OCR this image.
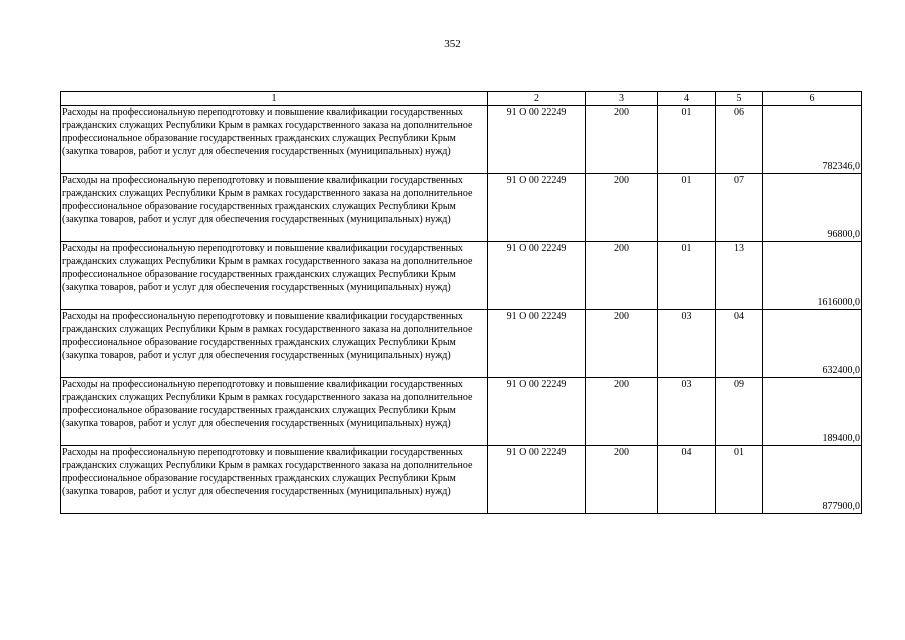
352
1	2	3	4	5	6
Расходы на профессиональную переподготовку и повышение квалификации государственных гражданских служащих Республики Крым в рамках государственного заказа на дополнительное профессиональное образование государственных гражданских служащих Республики Крым (закупка товаров, работ и услуг для обеспечения государственных (муниципальных) нужд)	91 О 00 22249	200	01	06	782346,0
Расходы на профессиональную переподготовку и повышение квалификации государственных гражданских служащих Республики Крым в рамках государственного заказа на дополнительное профессиональное образование государственных гражданских служащих Республики Крым (закупка товаров, работ и услуг для обеспечения государственных (муниципальных) нужд)	91 О 00 22249	200	01	07	96800,0
Расходы на профессиональную переподготовку и повышение квалификации государственных гражданских служащих Республики Крым в рамках государственного заказа на дополнительное профессиональное образование государственных гражданских служащих Республики Крым (закупка товаров, работ и услуг для обеспечения государственных (муниципальных) нужд)	91 О 00 22249	200	01	13	1616000,0
Расходы на профессиональную переподготовку и повышение квалификации государственных гражданских служащих Республики Крым в рамках государственного заказа на дополнительное профессиональное образование государственных гражданских служащих Республики Крым (закупка товаров, работ и услуг для обеспечения государственных (муниципальных) нужд)	91 О 00 22249	200	03	04	632400,0
Расходы на профессиональную переподготовку и повышение квалификации государственных гражданских служащих Республики Крым в рамках государственного заказа на дополнительное профессиональное образование государственных гражданских служащих Республики Крым (закупка товаров, работ и услуг для обеспечения государственных (муниципальных) нужд)	91 О 00 22249	200	03	09	189400,0
Расходы на профессиональную переподготовку и повышение квалификации государственных гражданских служащих Республики Крым в рамках государственного заказа на дополнительное профессиональное образование государственных гражданских служащих Республики Крым (закупка товаров, работ и услуг для обеспечения государственных (муниципальных) нужд)	91 О 00 22249	200	04	01	877900,0
